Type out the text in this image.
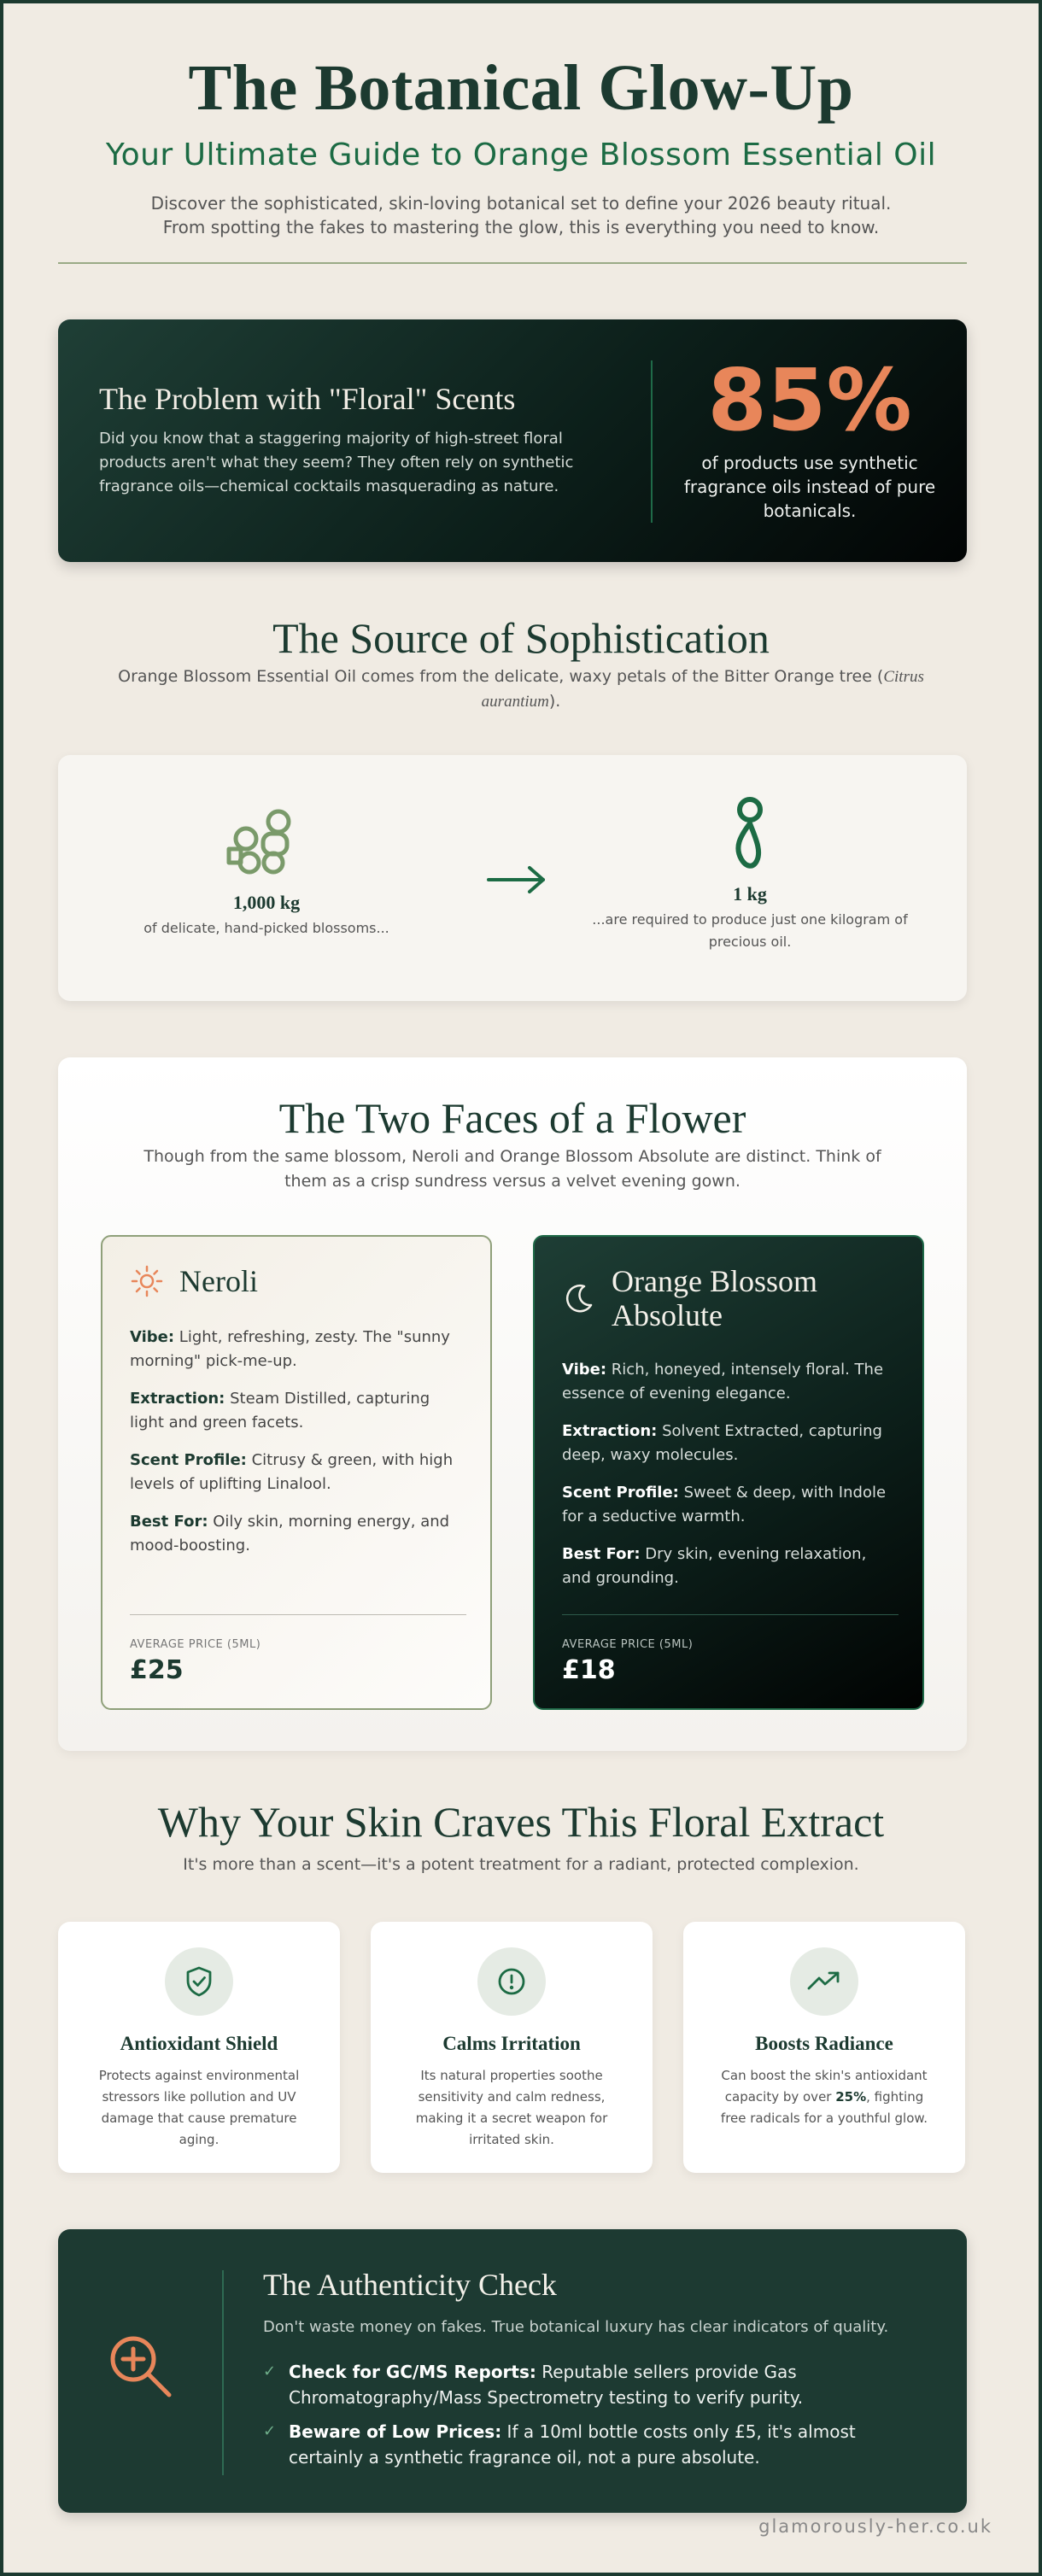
The Botanical Glow-Up
Your Ultimate Guide to Orange Blossom Essential Oil

Discover the sophisticated, skin-loving botanical set to define your 2026 beauty ritual.
From spotting the fakes to mastering the glow, this is everything you need to know.

The Problem with "Floral" Scents
Did you know that a staggering majority of high-street floral products aren't what they seem? They often rely on synthetic fragrance oils—chemical cocktails masquerading as nature.
85%
of products use synthetic fragrance oils instead of pure botanicals.
The Source of Sophistication
Orange Blossom Essential Oil comes from the delicate, waxy petals of the Bitter Orange tree (Citrus aurantium).
1,000 kg
of delicate, hand-picked blossoms...
1 kg
...are required to produce just one kilogram of precious oil.
The Two Faces of a Flower
Though from the same blossom, Neroli and Orange Blossom Absolute are distinct. Think of them as a crisp sundress versus a velvet evening gown.
Neroli
Vibe: Light, refreshing, zesty. The "sunny morning" pick-me-up.
Extraction: Steam Distilled, capturing light and green facets.
Scent Profile: Citrusy & green, with high levels of uplifting Linalool.
Best For: Oily skin, morning energy, and mood-boosting.
AVERAGE PRICE (5ML)
£25
Orange Blossom Absolute
Vibe: Rich, honeyed, intensely floral. The essence of evening elegance.
Extraction: Solvent Extracted, capturing deep, waxy molecules.
Scent Profile: Sweet & deep, with Indole for a seductive warmth.
Best For: Dry skin, evening relaxation, and grounding.
AVERAGE PRICE (5ML)
£18
Why Your Skin Craves This Floral Extract
It's more than a scent—it's a potent treatment for a radiant, protected complexion.
Antioxidant Shield
Protects against environmental stressors like pollution and UV damage that cause premature aging.
Calms Irritation
Its natural properties soothe sensitivity and calm redness, making it a secret weapon for irritated skin.
Boosts Radiance
Can boost the skin's antioxidant capacity by over 25%, fighting free radicals for a youthful glow.
The Authenticity Check
Don't waste money on fakes. True botanical luxury has clear indicators of quality.
✓ Check for GC/MS Reports: Reputable sellers provide Gas Chromatography/Mass Spectrometry testing to verify purity.
✓ Beware of Low Prices: If a 10ml bottle costs only £5, it's almost certainly a synthetic fragrance oil, not a pure absolute.
glamorously-her.co.uk
